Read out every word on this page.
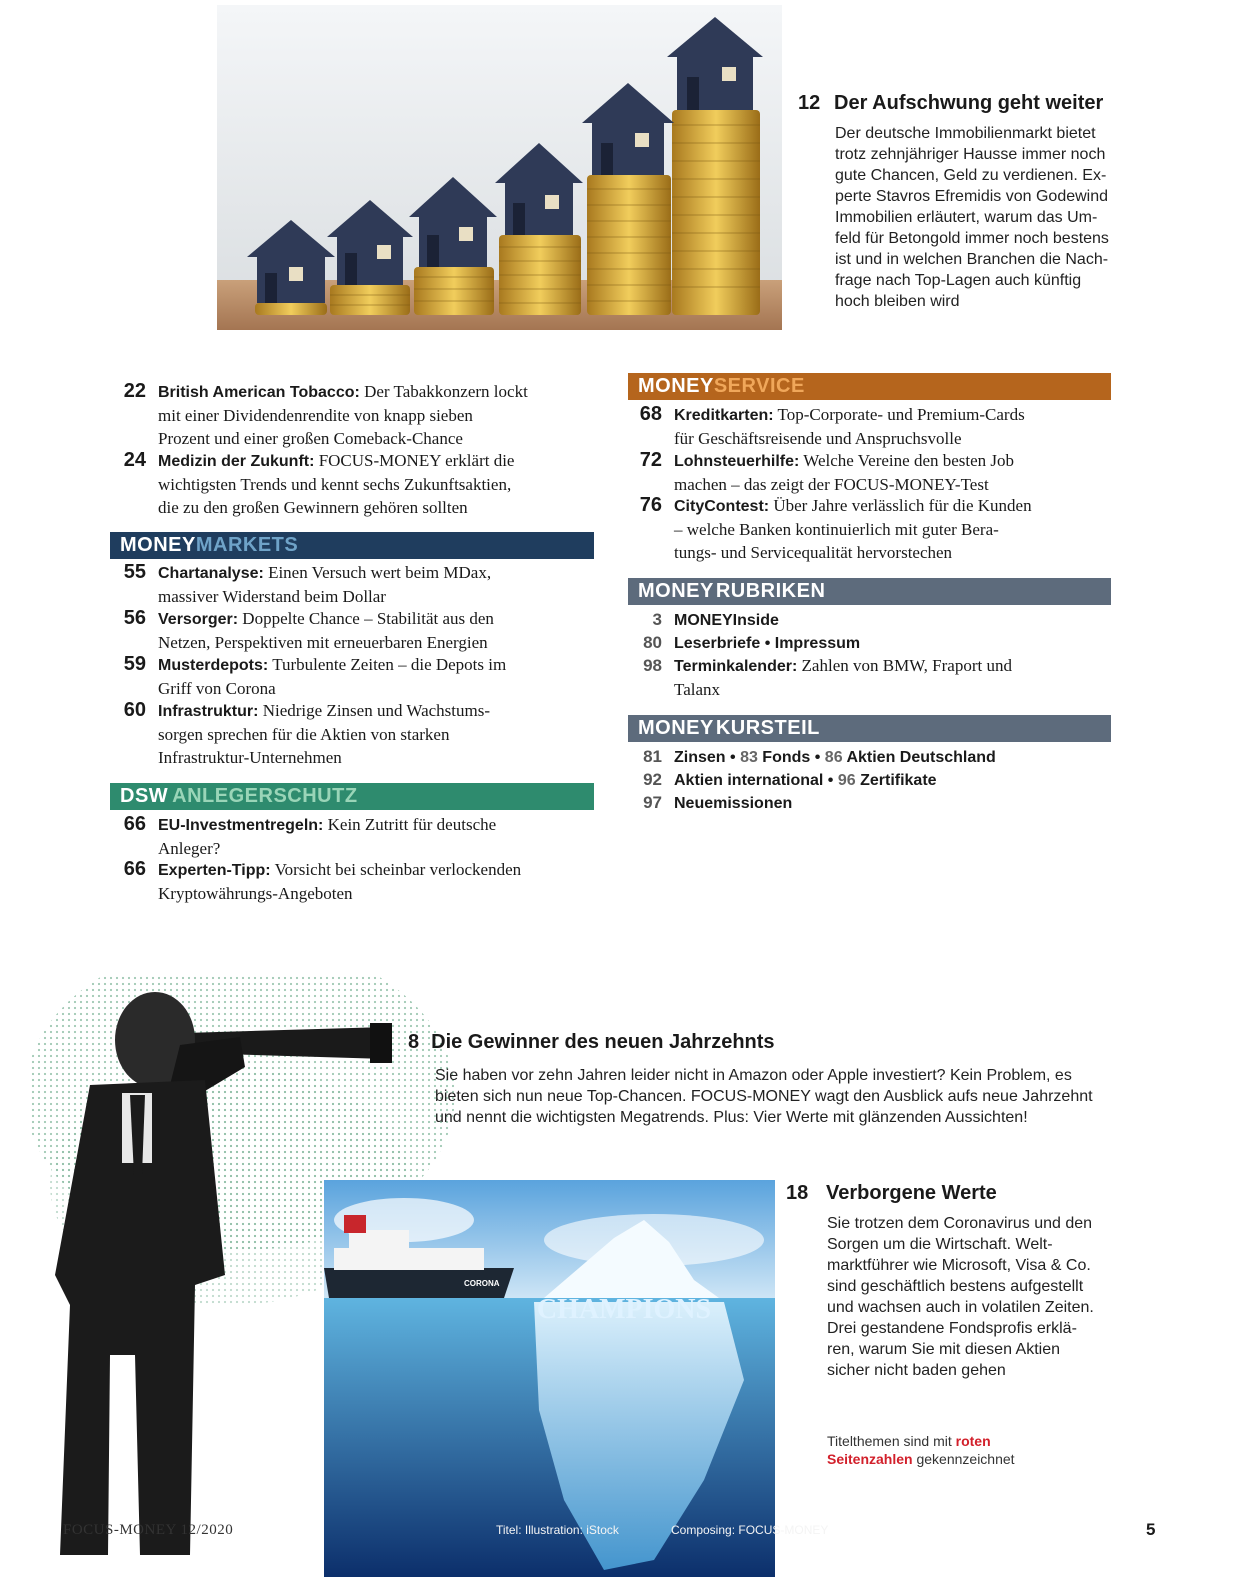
12 Der Aufschwung geht weiter
Der deutsche Immobilienmarkt bietet
trotz zehnjähriger Hausse immer noch
gute Chancen, Geld zu verdienen. Ex-
perte Stavros Efremidis von Godewind
Immobilien erläutert, warum das Um-
feld für Betongold immer noch bestens
ist und in welchen Branchen die Nach-
frage nach Top-Lagen auch künftig
hoch bleiben wird
22 British American Tobacco: Der Tabakkonzern lockt
mit einer Dividendenrendite von knapp sieben
Prozent und einer großen Comeback-Chance
24 Medizin der Zukunft: FOCUS-MONEY erklärt die
wichtigsten Trends und kennt sechs Zukunftsaktien,
die zu den großen Gewinnern gehören sollten
MONEY MARKETS
55 Chartanalyse: Einen Versuch wert beim MDax,
massiver Widerstand beim Dollar
56 Versorger: Doppelte Chance – Stabilität aus den
Netzen, Perspektiven mit erneuerbaren Energien
59 Musterdepots: Turbulente Zeiten – die Depots im
Griff von Corona
60 Infrastruktur: Niedrige Zinsen und Wachstums-
sorgen sprechen für die Aktien von starken
Infrastruktur-Unternehmen
DSW ANLEGERSCHUTZ
66 EU-Investmentregeln: Kein Zutritt für deutsche
Anleger?
66 Experten-Tipp: Vorsicht bei scheinbar verlockenden
Kryptowährungs-Angeboten
MONEY SERVICE
68 Kreditkarten: Top-Corporate- und Premium-Cards
für Geschäftsreisende und Anspruchsvolle
72 Lohnsteuerhilfe: Welche Vereine den besten Job
machen – das zeigt der FOCUS-MONEY-Test
76 CityContest: Über Jahre verlässlich für die Kunden
– welche Banken kontinuierlich mit guter Bera-
tungs- und Servicequalität hervorstechen
MONEY RUBRIKEN
3 MONEYInside
80 Leserbriefe • Impressum
98 Terminkalender: Zahlen von BMW, Fraport und
Talanx
MONEY KURSTEIL
81 Zinsen • 83 Fonds • 86 Aktien Deutschland
92 Aktien international • 96 Zertifikate
97 Neuemissionen
8 Die Gewinner des neuen Jahrzehnts
Sie haben vor zehn Jahren leider nicht in Amazon oder Apple investiert? Kein Problem, es
bieten sich nun neue Top-Chancen. FOCUS-MONEY wagt den Ausblick aufs neue Jahrzehnt
und nennt die wichtigsten Megatrends. Plus: Vier Werte mit glänzenden Aussichten!
CORONA
CHAMPIONS
18 Verborgene Werte
Sie trotzen dem Coronavirus und den
Sorgen um die Wirtschaft. Welt-
marktführer wie Microsoft, Visa & Co.
sind geschäftlich bestens aufgestellt
und wachsen auch in volatilen Zeiten.
Drei gestandene Fondsprofis erklä-
ren, warum Sie mit diesen Aktien
sicher nicht baden gehen
Titelthemen sind mit roten
Seitenzahlen gekennzeichnet
FOCUS-MONEY 12/2020	Titel: Illustration: iStock	Composing: FOCUS-MONEY	5
